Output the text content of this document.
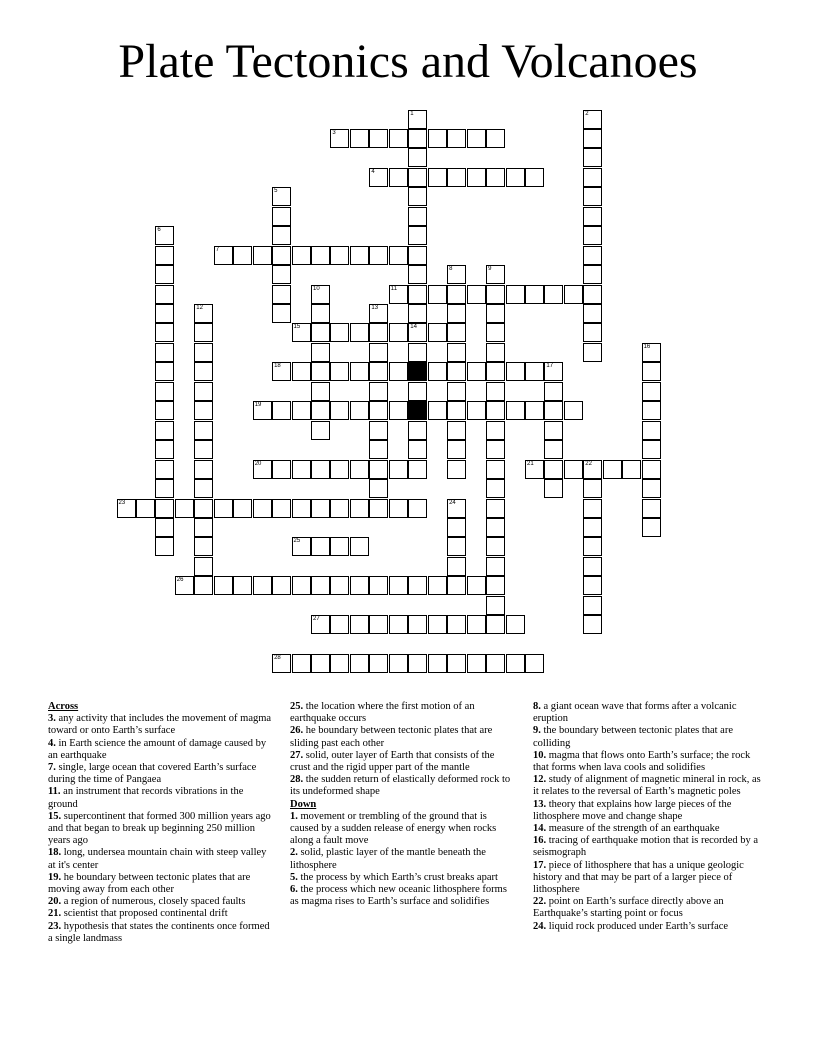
Plate Tectonics and Volcanoes
3
4
7
11
15	14
18
19
20	21	22
23
25
26
27
28
1	2
5
6
8	9
10
12	13
16
17
24
Across
3. any activity that includes the movement of magma toward or onto Earth’s surface
4. in Earth science the amount of damage caused by an earthquake
7. single, large ocean that covered Earth’s surface during the time of Pangaea
11. an instrument that records vibrations in the ground
15. supercontinent that formed 300 million years ago and that began to break up beginning 250 million years ago
18. long, undersea mountain chain with steep valley at it's center
19. he boundary between tectonic plates that are moving away from each other
20. a region of numerous, closely spaced faults
21. scientist that proposed continental drift
23. hypothesis that states the continents once formed a single landmass
25. the location where the first motion of an earthquake occurs
26. he boundary between tectonic plates that are sliding past each other
27. solid, outer layer of Earth that consists of the crust and the rigid upper part of the mantle
28. the sudden return of elastically deformed rock to its undeformed shape
Down
1. movement or trembling of the ground that is caused by a sudden release of energy when rocks along a fault move
2. solid, plastic layer of the mantle beneath the lithosphere
5. the process by which Earth’s crust breaks apart
6. the process which new oceanic lithosphere forms as magma rises to Earth’s surface and solidifies
8. a giant ocean wave that forms after a volcanic eruption
9. the boundary between tectonic plates that are colliding
10. magma that flows onto Earth’s surface; the rock that forms when lava cools and solidifies
12. study of alignment of magnetic mineral in rock, as it relates to the reversal of Earth’s magnetic poles
13. theory that explains how large pieces of the lithosphere move and change shape
14. measure of the strength of an earthquake
16. tracing of earthquake motion that is recorded by a seismograph
17. piece of lithosphere that has a unique geologic history and that may be part of a larger piece of lithosphere
22. point on Earth’s surface directly above an Earthquake’s starting point or focus
24. liquid rock produced under Earth’s surface
